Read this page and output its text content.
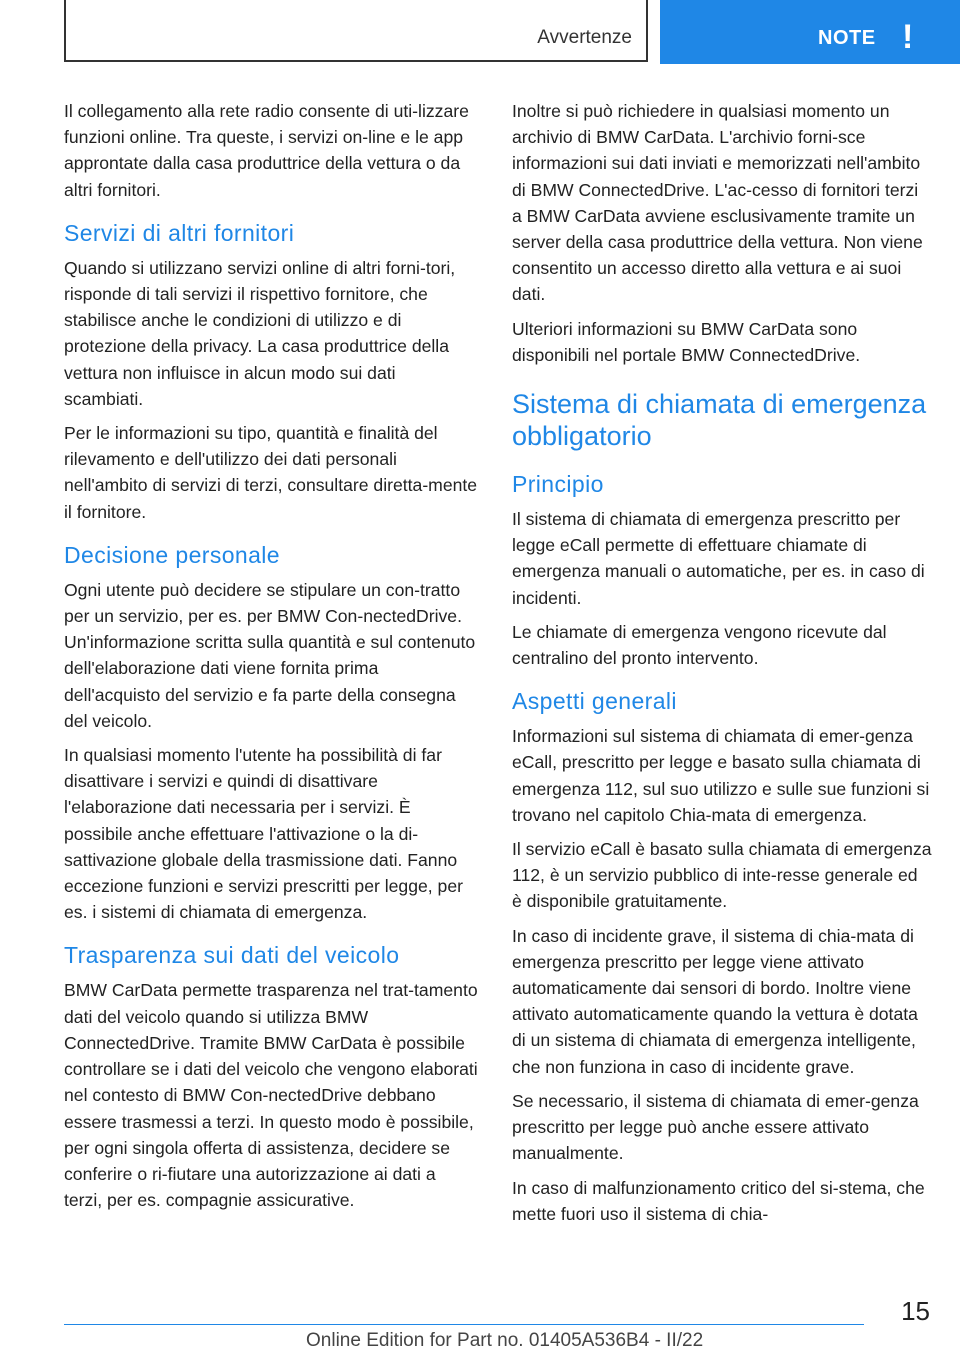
Avvertenze	NOTE !

Il collegamento alla rete radio consente di uti-lizzare funzioni online. Tra queste, i servizi on-line e le app approntate dalla casa produttrice della vettura o da altri fornitori.

Servizi di altri fornitori

Quando si utilizzano servizi online di altri forni-tori, risponde di tali servizi il rispettivo fornitore, che stabilisce anche le condizioni di utilizzo e di protezione della privacy. La casa produttrice della vettura non influisce in alcun modo sui dati scambiati.

Per le informazioni su tipo, quantità e finalità del rilevamento e dell'utilizzo dei dati personali nell'ambito di servizi di terzi, consultare diretta-mente il fornitore.

Decisione personale

Ogni utente può decidere se stipulare un con-tratto per un servizio, per es. per BMW Con-nectedDrive. Un'informazione scritta sulla quantità e sul contenuto dell'elaborazione dati viene fornita prima dell'acquisto del servizio e fa parte della consegna del veicolo.

In qualsiasi momento l'utente ha possibilità di far disattivare i servizi e quindi di disattivare l'elaborazione dati necessaria per i servizi. È possibile anche effettuare l'attivazione o la di-sattivazione globale della trasmissione dati. Fanno eccezione funzioni e servizi prescritti per legge, per es. i sistemi di chiamata di emergenza.

Trasparenza sui dati del veicolo

BMW CarData permette trasparenza nel trat-tamento dati del veicolo quando si utilizza BMW ConnectedDrive. Tramite BMW CarData è possibile controllare se i dati del veicolo che vengono elaborati nel contesto di BMW Con-nectedDrive debbano essere trasmessi a terzi. In questo modo è possibile, per ogni singola offerta di assistenza, decidere se conferire o ri-fiutare una autorizzazione ai dati a terzi, per es. compagnie assicurative.

Inoltre si può richiedere in qualsiasi momento un archivio di BMW CarData. L'archivio forni-sce informazioni sui dati inviati e memorizzati nell'ambito di BMW ConnectedDrive. L'ac-cesso di fornitori terzi a BMW CarData avviene esclusivamente tramite un server della casa produttrice della vettura. Non viene consentito un accesso diretto alla vettura e ai suoi dati.

Ulteriori informazioni su BMW CarData sono disponibili nel portale BMW ConnectedDrive.

Sistema di chiamata di emergenza obbligatorio
Principio

Il sistema di chiamata di emergenza prescritto per legge eCall permette di effettuare chiamate di emergenza manuali o automatiche, per es. in caso di incidenti.

Le chiamate di emergenza vengono ricevute dal centralino del pronto intervento.

Aspetti generali

Informazioni sul sistema di chiamata di emer-genza eCall, prescritto per legge e basato sulla chiamata di emergenza 112, sul suo utilizzo e sulle sue funzioni si trovano nel capitolo Chia-mata di emergenza.

Il servizio eCall è basato sulla chiamata di emergenza 112, è un servizio pubblico di inte-resse generale ed è disponibile gratuitamente.

In caso di incidente grave, il sistema di chia-mata di emergenza prescritto per legge viene attivato automaticamente dai sensori di bordo. Inoltre viene attivato automaticamente quando la vettura è dotata di un sistema di chiamata di emergenza intelligente, che non funziona in caso di incidente grave.

Se necessario, il sistema di chiamata di emer-genza prescritto per legge può anche essere attivato manualmente.

In caso di malfunzionamento critico del si-stema, che mette fuori uso il sistema di chia-

15
Online Edition for Part no. 01405A536B4 - II/22
